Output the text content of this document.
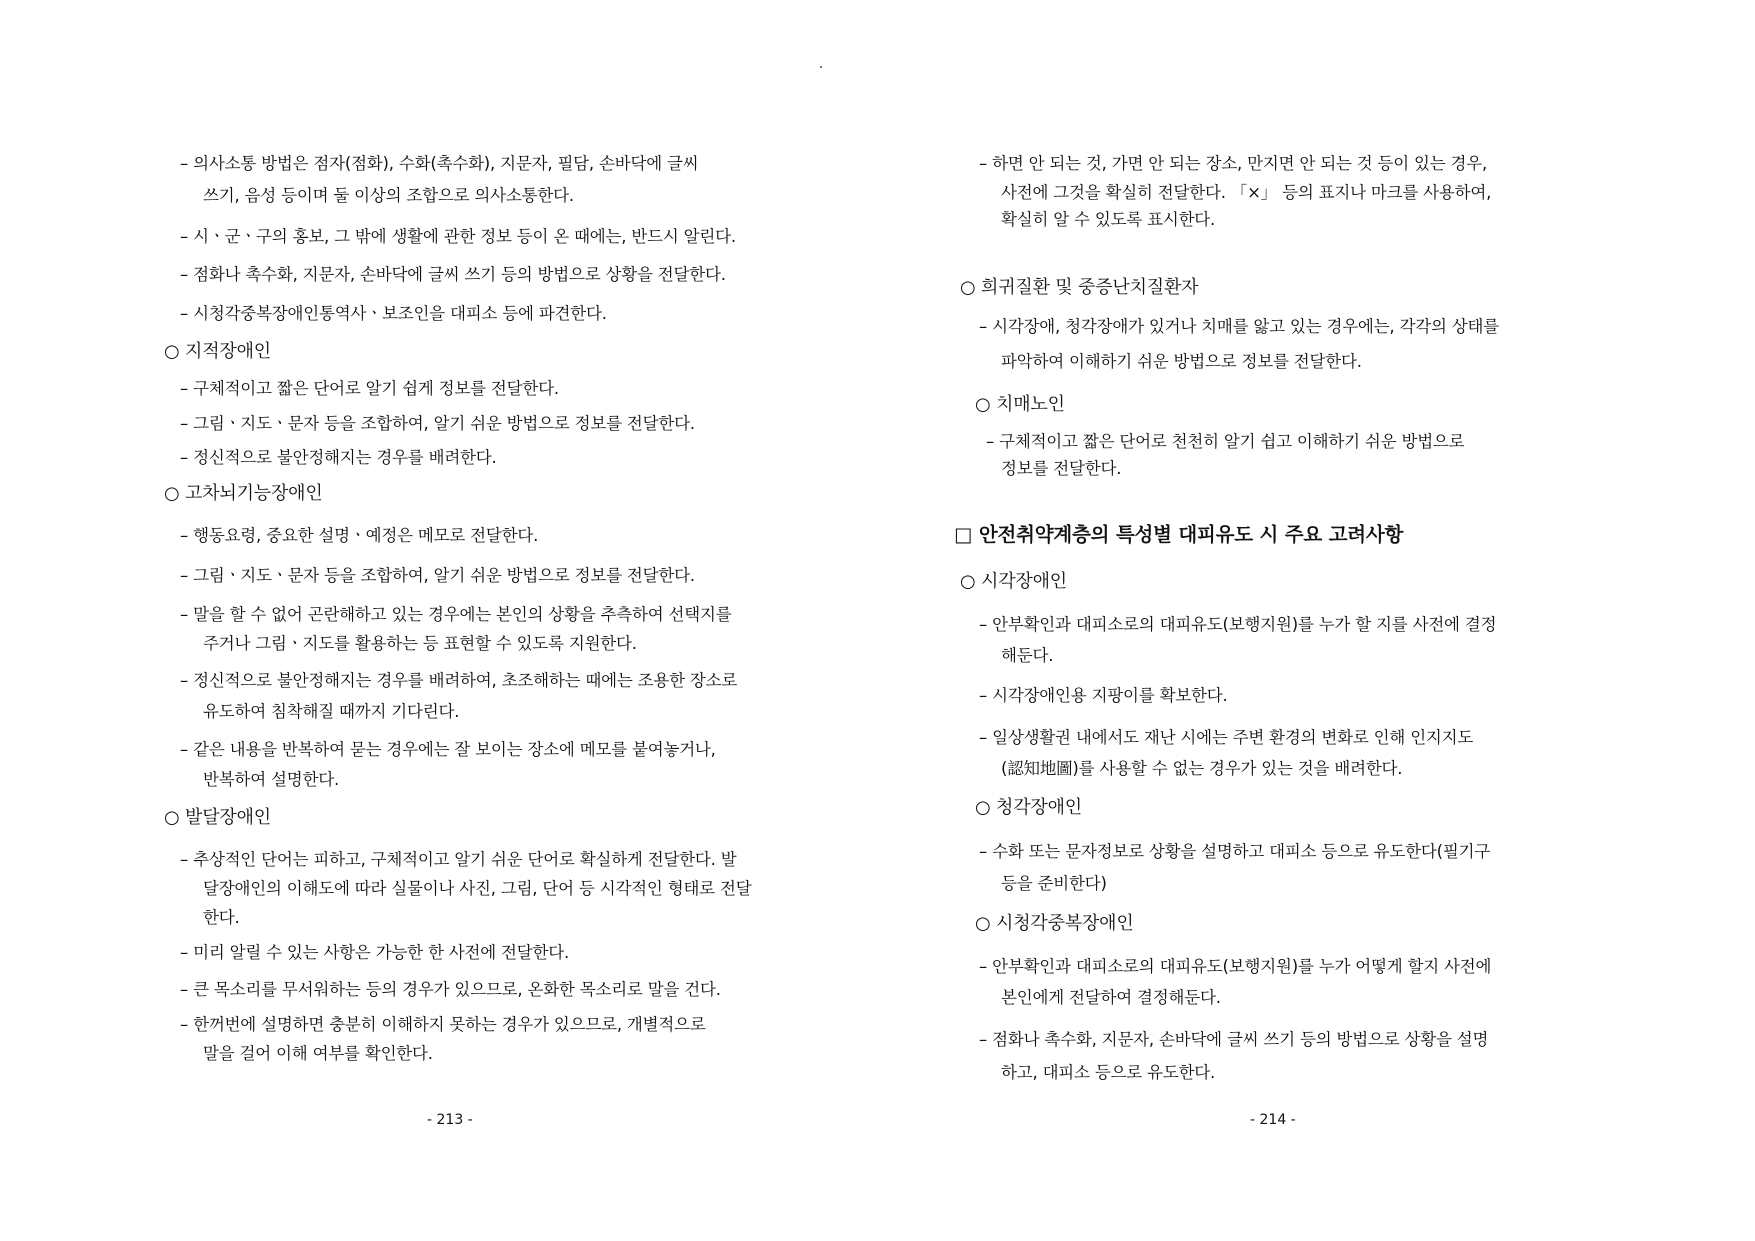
– 의사소통 방법은 점자(점화), 수화(촉수화), 지문자, 필담, 손바닥에 글씨
쓰기, 음성 등이며 둘 이상의 조합으로 의사소통한다.
– 시ㆍ군ㆍ구의 홍보, 그 밖에 생활에 관한 정보 등이 온 때에는, 반드시 알린다.
– 점화나 촉수화, 지문자, 손바닥에 글씨 쓰기 등의 방법으로 상황을 전달한다.
– 시청각중복장애인통역사ㆍ보조인을 대피소 등에 파견한다.
○ 지적장애인
– 구체적이고 짧은 단어로 알기 쉽게 정보를 전달한다.
– 그림ㆍ지도ㆍ문자 등을 조합하여, 알기 쉬운 방법으로 정보를 전달한다.
– 정신적으로 불안정해지는 경우를 배려한다.
○ 고차뇌기능장애인
– 행동요령, 중요한 설명ㆍ예정은 메모로 전달한다.
– 그림ㆍ지도ㆍ문자 등을 조합하여, 알기 쉬운 방법으로 정보를 전달한다.
– 말을 할 수 없어 곤란해하고 있는 경우에는 본인의 상황을 추측하여 선택지를
주거나 그림ㆍ지도를 활용하는 등 표현할 수 있도록 지원한다.
– 정신적으로 불안정해지는 경우를 배려하여, 초조해하는 때에는 조용한 장소로
유도하여 침착해질 때까지 기다린다.
– 같은 내용을 반복하여 묻는 경우에는 잘 보이는 장소에 메모를 붙여놓거나,
반복하여 설명한다.
○ 발달장애인
– 추상적인 단어는 피하고, 구체적이고 알기 쉬운 단어로 확실하게 전달한다. 발
달장애인의 이해도에 따라 실물이나 사진, 그림, 단어 등 시각적인 형태로 전달
한다.
– 미리 알릴 수 있는 사항은 가능한 한 사전에 전달한다.
– 큰 목소리를 무서워하는 등의 경우가 있으므로, 온화한 목소리로 말을 건다.
– 한꺼번에 설명하면 충분히 이해하지 못하는 경우가 있으므로, 개별적으로
말을 걸어 이해 여부를 확인한다.
- 213 -
– 하면 안 되는 것, 가면 안 되는 장소, 만지면 안 되는 것 등이 있는 경우,
사전에 그것을 확실히 전달한다. 「×」 등의 표지나 마크를 사용하여,
확실히 알 수 있도록 표시한다.
○ 희귀질환 및 중증난치질환자
– 시각장애, 청각장애가 있거나 치매를 앓고 있는 경우에는, 각각의 상태를
파악하여 이해하기 쉬운 방법으로 정보를 전달한다.
○ 치매노인
– 구체적이고 짧은 단어로 천천히 알기 쉽고 이해하기 쉬운 방법으로
정보를 전달한다.
□ 안전취약계층의 특성별 대피유도 시 주요 고려사항
○ 시각장애인
– 안부확인과 대피소로의 대피유도(보행지원)를 누가 할 지를 사전에 결정
해둔다.
– 시각장애인용 지팡이를 확보한다.
– 일상생활권 내에서도 재난 시에는 주변 환경의 변화로 인해 인지지도
(認知地圖)를 사용할 수 없는 경우가 있는 것을 배려한다.
○ 청각장애인
– 수화 또는 문자정보로 상황을 설명하고 대피소 등으로 유도한다(필기구
등을 준비한다)
○ 시청각중복장애인
– 안부확인과 대피소로의 대피유도(보행지원)를 누가 어떻게 할지 사전에
본인에게 전달하여 결정해둔다.
– 점화나 촉수화, 지문자, 손바닥에 글씨 쓰기 등의 방법으로 상황을 설명
하고, 대피소 등으로 유도한다.
- 214 -
